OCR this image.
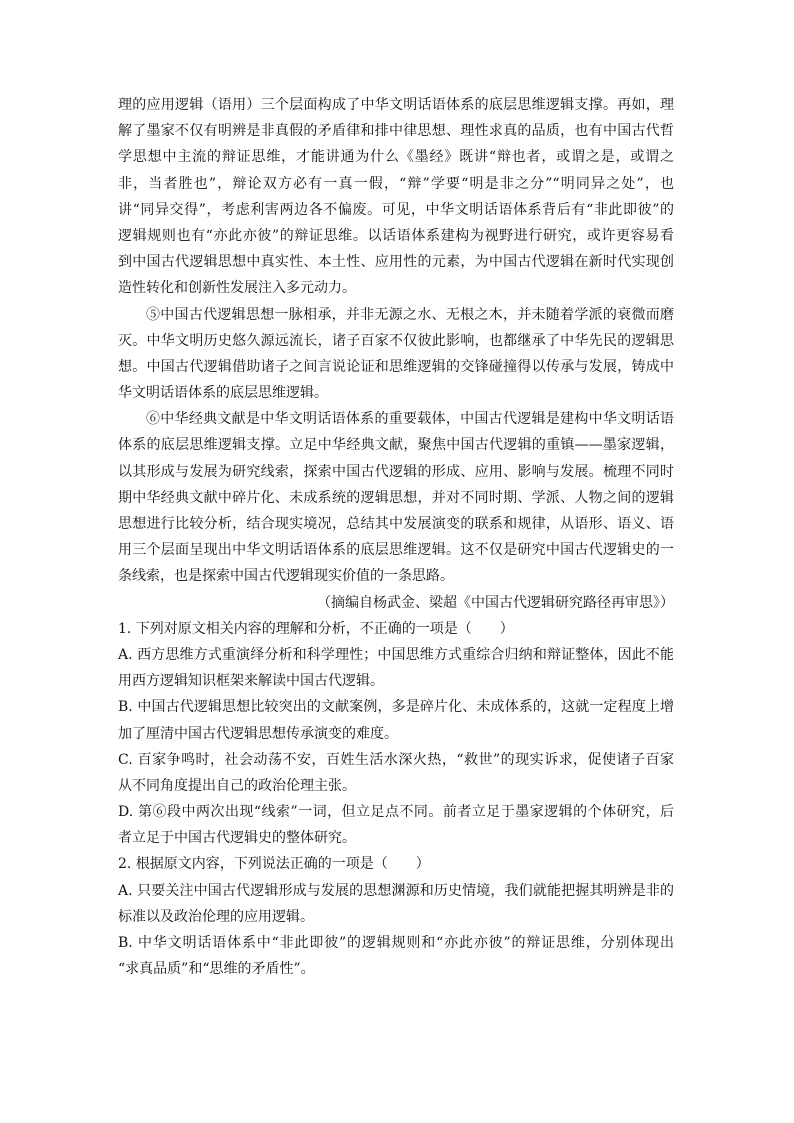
理的应用逻辑（语用）三个层面构成了中华文明话语体系的底层思维逻辑支撑。再如，理
解了墨家不仅有明辨是非真假的矛盾律和排中律思想、理性求真的品质，也有中国古代哲
学思想中主流的辩证思维，才能讲通为什么《墨经》既讲“辩也者，或谓之是，或谓之
非，当者胜也”，辩论双方必有一真一假，“辩”学要“明是非之分”“明同异之处”，也
讲“同异交得”，考虑利害两边各不偏废。可见，中华文明话语体系背后有“非此即彼”的
逻辑规则也有“亦此亦彼”的辩证思维。以话语体系建构为视野进行研究，或许更容易看
到中国古代逻辑思想中真实性、本土性、应用性的元素，为中国古代逻辑在新时代实现创
造性转化和创新性发展注入多元动力。
⑤中国古代逻辑思想一脉相承，并非无源之水、无根之木，并未随着学派的衰微而磨
灭。中华文明历史悠久源远流长，诸子百家不仅彼此影响，也都继承了中华先民的逻辑思
想。中国古代逻辑借助诸子之间言说论证和思维逻辑的交锋碰撞得以传承与发展，铸成中
华文明话语体系的底层思维逻辑。
⑥中华经典文献是中华文明话语体系的重要载体，中国古代逻辑是建构中华文明话语
体系的底层思维逻辑支撑。立足中华经典文献，聚焦中国古代逻辑的重镇——墨家逻辑，
以其形成与发展为研究线索，探索中国古代逻辑的形成、应用、影响与发展。梳理不同时
期中华经典文献中碎片化、未成系统的逻辑思想，并对不同时期、学派、人物之间的逻辑
思想进行比较分析，结合现实境况，总结其中发展演变的联系和规律，从语形、语义、语
用三个层面呈现出中华文明话语体系的底层思维逻辑。这不仅是研究中国古代逻辑史的一
条线索，也是探索中国古代逻辑现实价值的一条思路。
（摘编自杨武金、梁超《中国古代逻辑研究路径再审思》）
1. 下列对原文相关内容的理解和分析，不正确的一项是（　　）
A. 西方思维方式重演绎分析和科学理性；中国思维方式重综合归纳和辩证整体，因此不能
用西方逻辑知识框架来解读中国古代逻辑。
B. 中国古代逻辑思想比较突出的文献案例，多是碎片化、未成体系的，这就一定程度上增
加了厘清中国古代逻辑思想传承演变的难度。
C. 百家争鸣时，社会动荡不安，百姓生活水深火热，“救世”的现实诉求，促使诸子百家
从不同角度提出自己的政治伦理主张。
D. 第⑥段中两次出现“线索”一词，但立足点不同。前者立足于墨家逻辑的个体研究，后
者立足于中国古代逻辑史的整体研究。
2. 根据原文内容，下列说法正确的一项是（　　）
A. 只要关注中国古代逻辑形成与发展的思想渊源和历史情境，我们就能把握其明辨是非的
标准以及政治伦理的应用逻辑。
B. 中华文明话语体系中“非此即彼”的逻辑规则和“亦此亦彼”的辩证思维，分别体现出
“求真品质”和“思维的矛盾性”。
